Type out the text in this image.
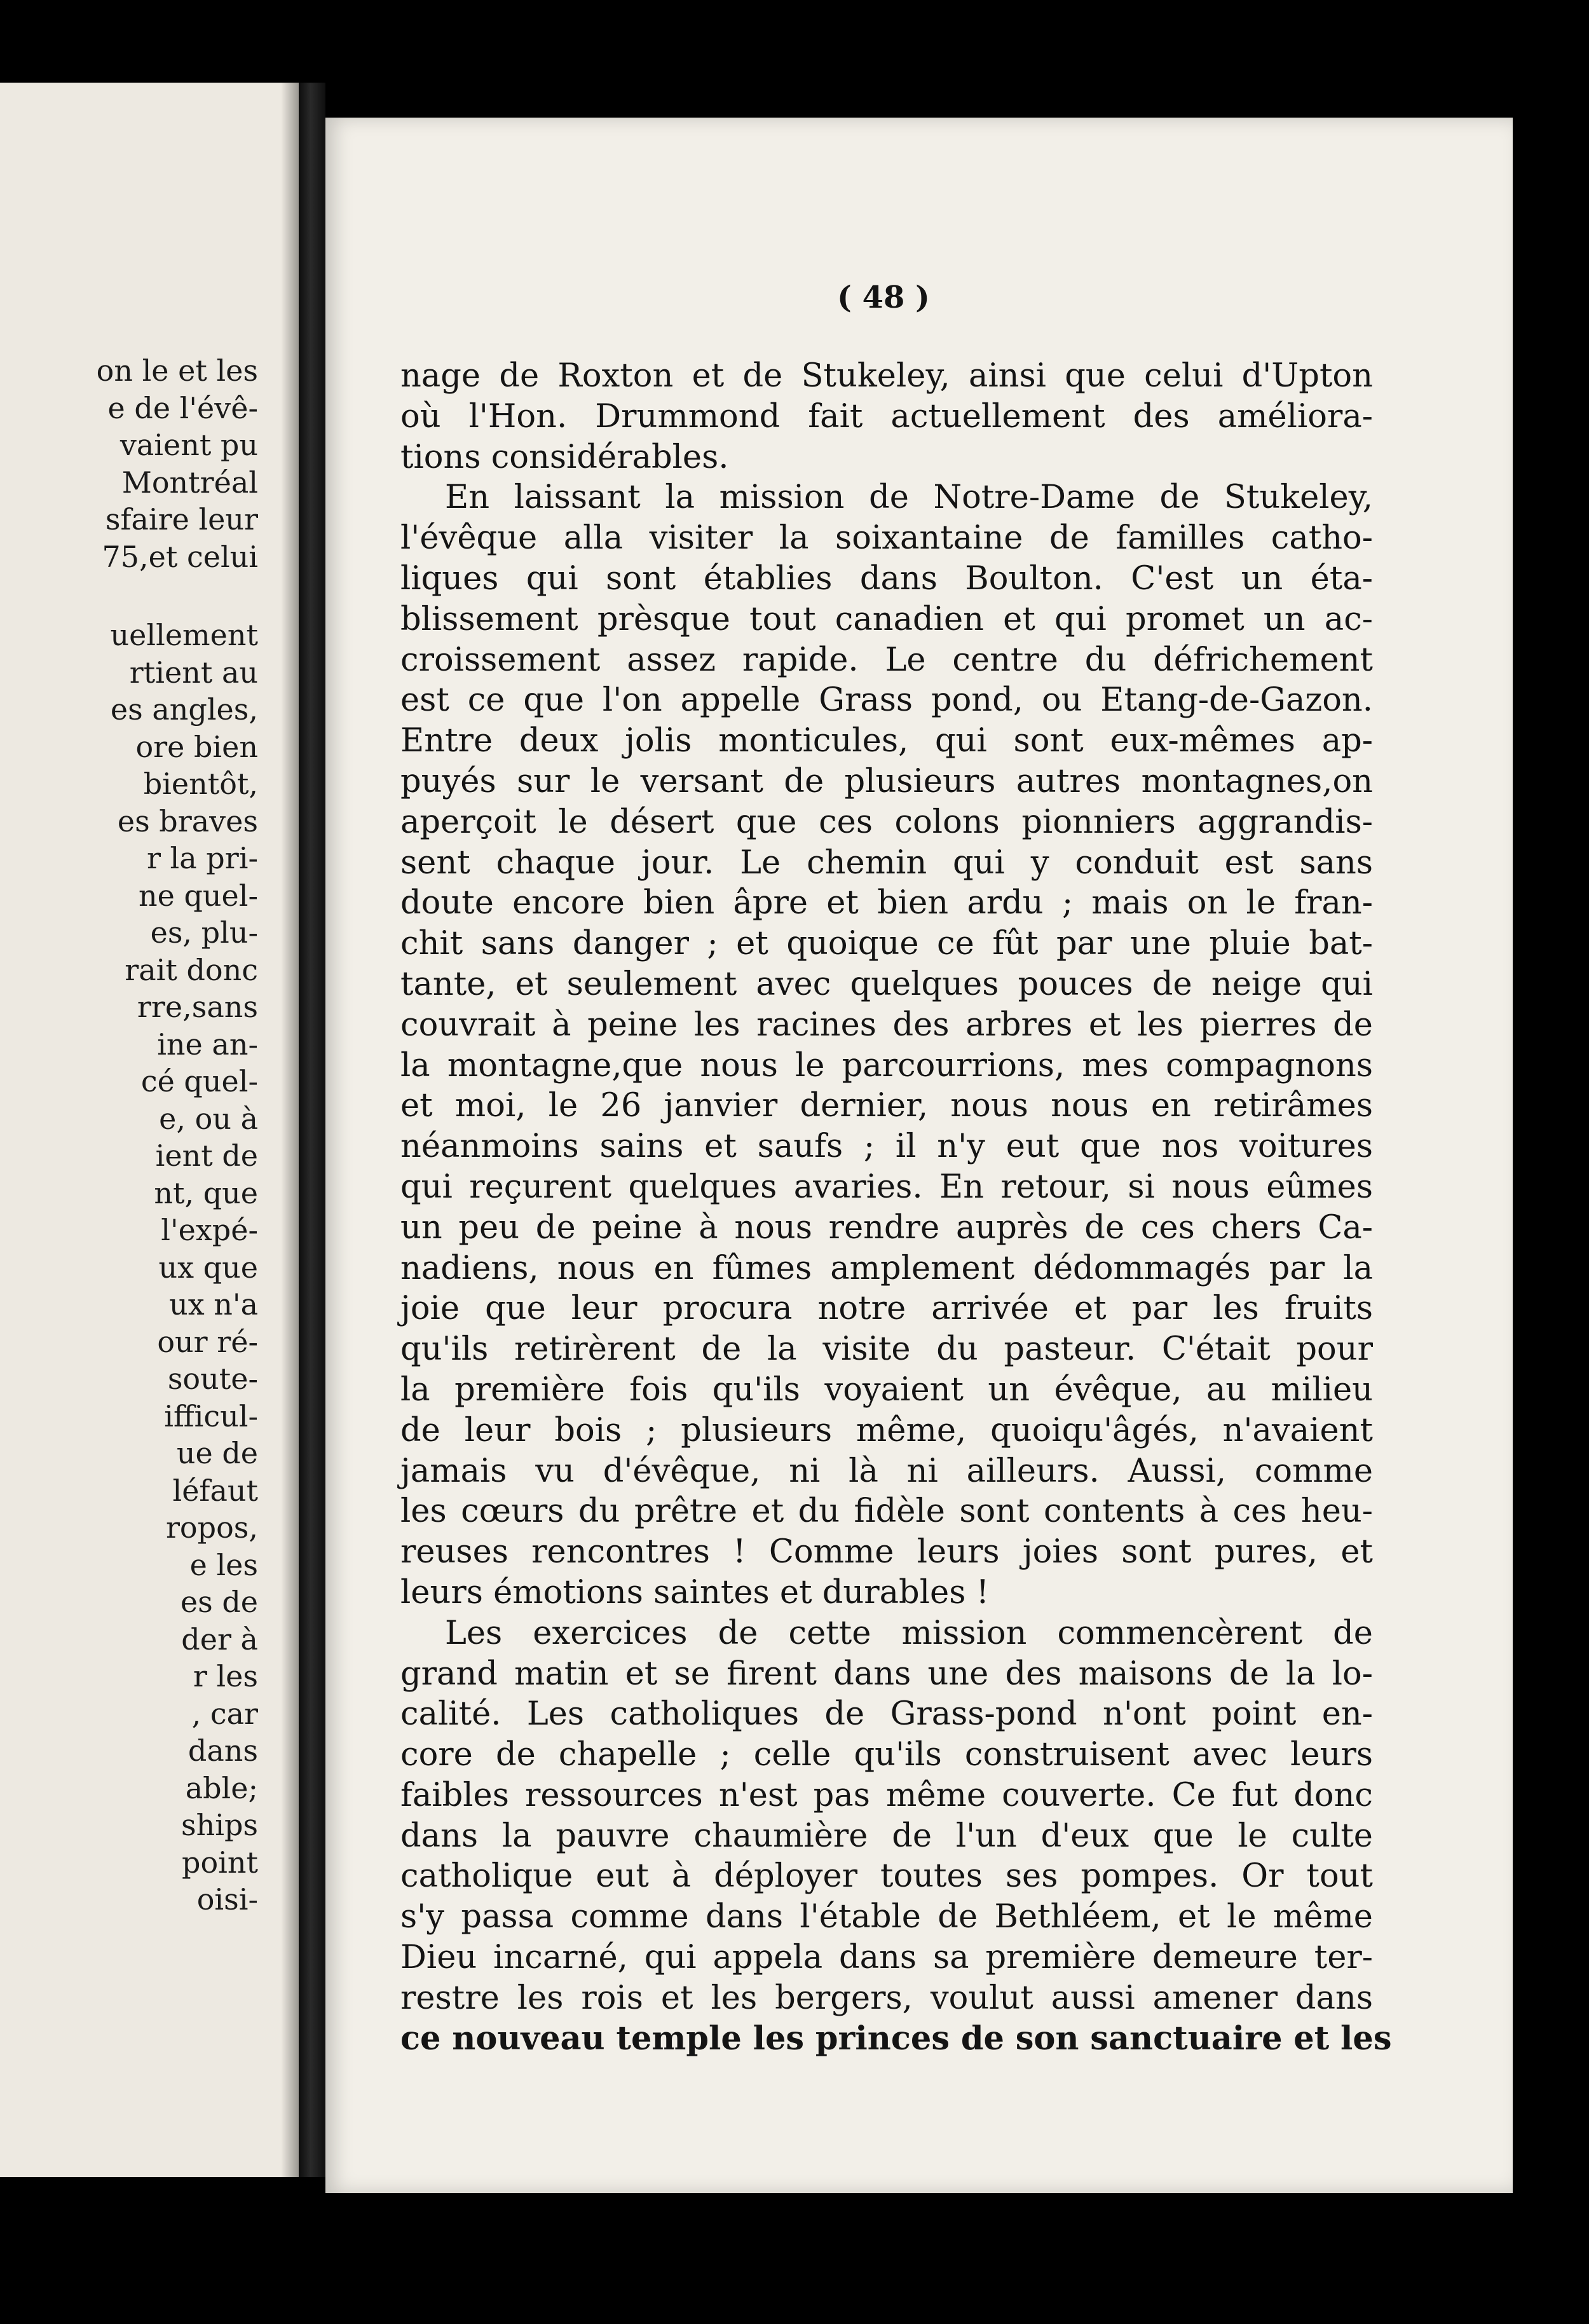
on le et les
e de l'évê-
vaient pu
Montréal
sfaire leur
75,et celui
uellement
rtient au
es angles,
ore bien
bientôt,
es braves
r la pri-
ne quel-
es, plu-
rait donc
rre,sans
ine an-
cé quel-
e, ou à
ient de
nt, que
l'expé-
ux que
ux n'a
our ré-
soute-
ifficul-
ue de
léfaut
ropos,
e les
es de
der à
r les
, car
dans
able;
ships
point
oisi-
( 48 )
nage de Roxton et de Stukeley, ainsi que celui d'Upton
où l'Hon. Drummond fait actuellement des améliora-
tions considérables.
En laissant la mission de Notre-Dame de Stukeley,
l'évêque alla visiter la soixantaine de familles catho-
liques qui sont établies dans Boulton. C'est un éta-
blissement prèsque tout canadien et qui promet un ac-
croissement assez rapide. Le centre du défrichement
est ce que l'on appelle Grass pond, ou Etang-de-Gazon.
Entre deux jolis monticules, qui sont eux-mêmes ap-
puyés sur le versant de plusieurs autres montagnes,on
aperçoit le désert que ces colons pionniers aggrandis-
sent chaque jour. Le chemin qui y conduit est sans
doute encore bien âpre et bien ardu ; mais on le fran-
chit sans danger ; et quoique ce fût par une pluie bat-
tante, et seulement avec quelques pouces de neige qui
couvrait à peine les racines des arbres et les pierres de
la montagne,que nous le parcourrions, mes compagnons
et moi, le 26 janvier dernier, nous nous en retirâmes
néanmoins sains et saufs ; il n'y eut que nos voitures
qui reçurent quelques avaries. En retour, si nous eûmes
un peu de peine à nous rendre auprès de ces chers Ca-
nadiens, nous en fûmes amplement dédommagés par la
joie que leur procura notre arrivée et par les fruits
qu'ils retirèrent de la visite du pasteur. C'était pour
la première fois qu'ils voyaient un évêque, au milieu
de leur bois ; plusieurs même, quoiqu'âgés, n'avaient
jamais vu d'évêque, ni là ni ailleurs. Aussi, comme
les cœurs du prêtre et du fidèle sont contents à ces heu-
reuses rencontres ! Comme leurs joies sont pures, et
leurs émotions saintes et durables !
Les exercices de cette mission commencèrent de
grand matin et se firent dans une des maisons de la lo-
calité. Les catholiques de Grass-pond n'ont point en-
core de chapelle ; celle qu'ils construisent avec leurs
faibles ressources n'est pas même couverte. Ce fut donc
dans la pauvre chaumière de l'un d'eux que le culte
catholique eut à déployer toutes ses pompes. Or tout
s'y passa comme dans l'étable de Bethléem, et le même
Dieu incarné, qui appela dans sa première demeure ter-
restre les rois et les bergers, voulut aussi amener dans
ce nouveau temple les princes de son sanctuaire et les
